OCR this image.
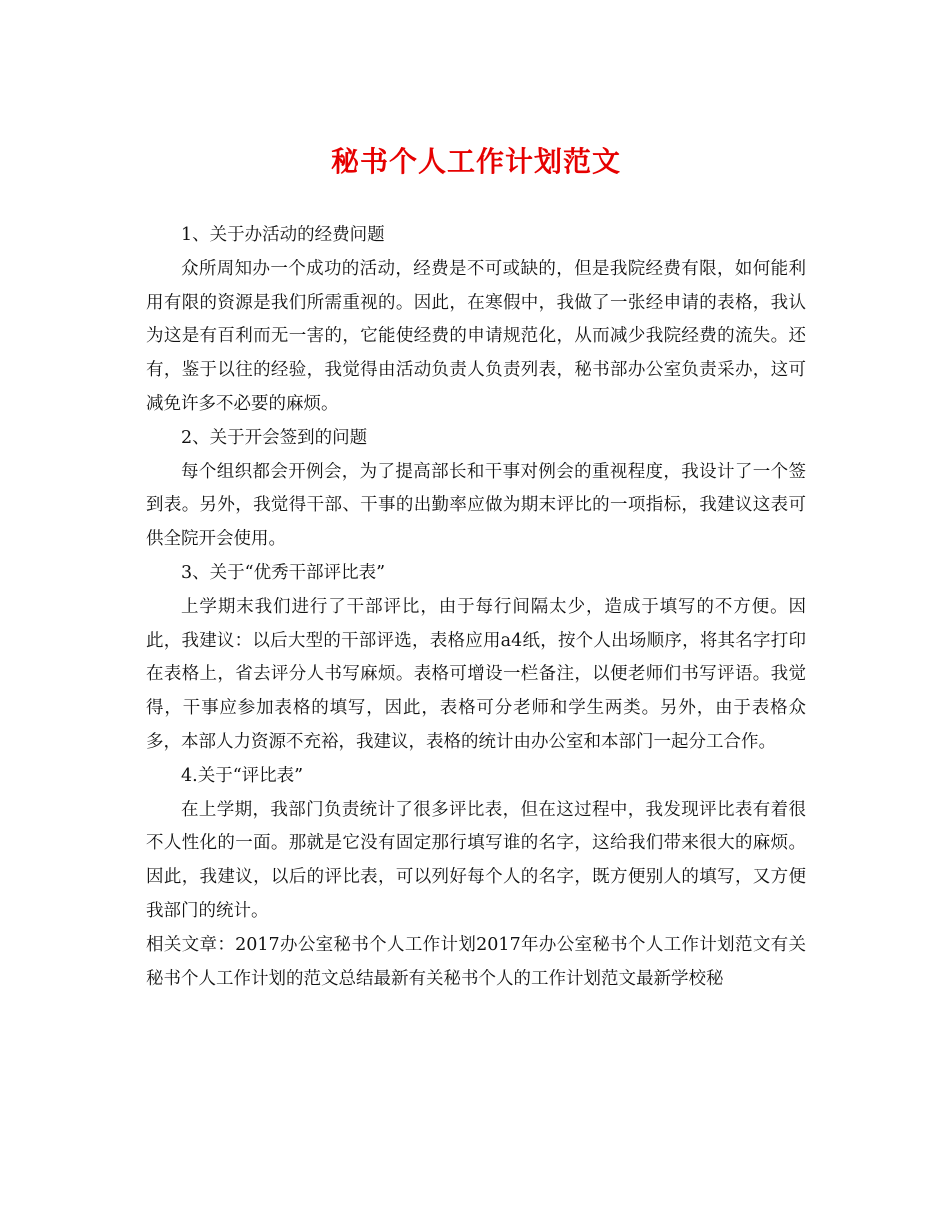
秘书个人工作计划范文

1、关于办活动的经费问题

众所周知办一个成功的活动，经费是不可或缺的，但是我院经费有限，如何能利用有限的资源是我们所需重视的。因此，在寒假中，我做了一张经申请的表格，我认为这是有百利而无一害的，它能使经费的申请规范化，从而减少我院经费的流失。还有，鉴于以往的经验，我觉得由活动负责人负责列表，秘书部办公室负责采办，这可减免许多不必要的麻烦。

2、关于开会签到的问题

每个组织都会开例会，为了提高部长和干事对例会的重视程度，我设计了一个签到表。另外，我觉得干部、干事的出勤率应做为期末评比的一项指标，我建议这表可供全院开会使用。

3、关于“优秀干部评比表”

上学期末我们进行了干部评比，由于每行间隔太少，造成于填写的不方便。因此，我建议：以后大型的干部评选，表格应用a4纸，按个人出场顺序，将其名字打印在表格上，省去评分人书写麻烦。表格可增设一栏备注，以便老师们书写评语。我觉得，干事应参加表格的填写，因此，表格可分老师和学生两类。另外，由于表格众多，本部人力资源不充裕，我建议，表格的统计由办公室和本部门一起分工合作。

4.关于“评比表”

在上学期，我部门负责统计了很多评比表，但在这过程中，我发现评比表有着很不人性化的一面。那就是它没有固定那行填写谁的名字，这给我们带来很大的麻烦。因此，我建议，以后的评比表，可以列好每个人的名字，既方便别人的填写，又方便我部门的统计。

相关文章：2017办公室秘书个人工作计划2017年办公室秘书个人工作计划范文有关秘书个人工作计划的范文总结最新有关秘书个人的工作计划范文最新学校秘
